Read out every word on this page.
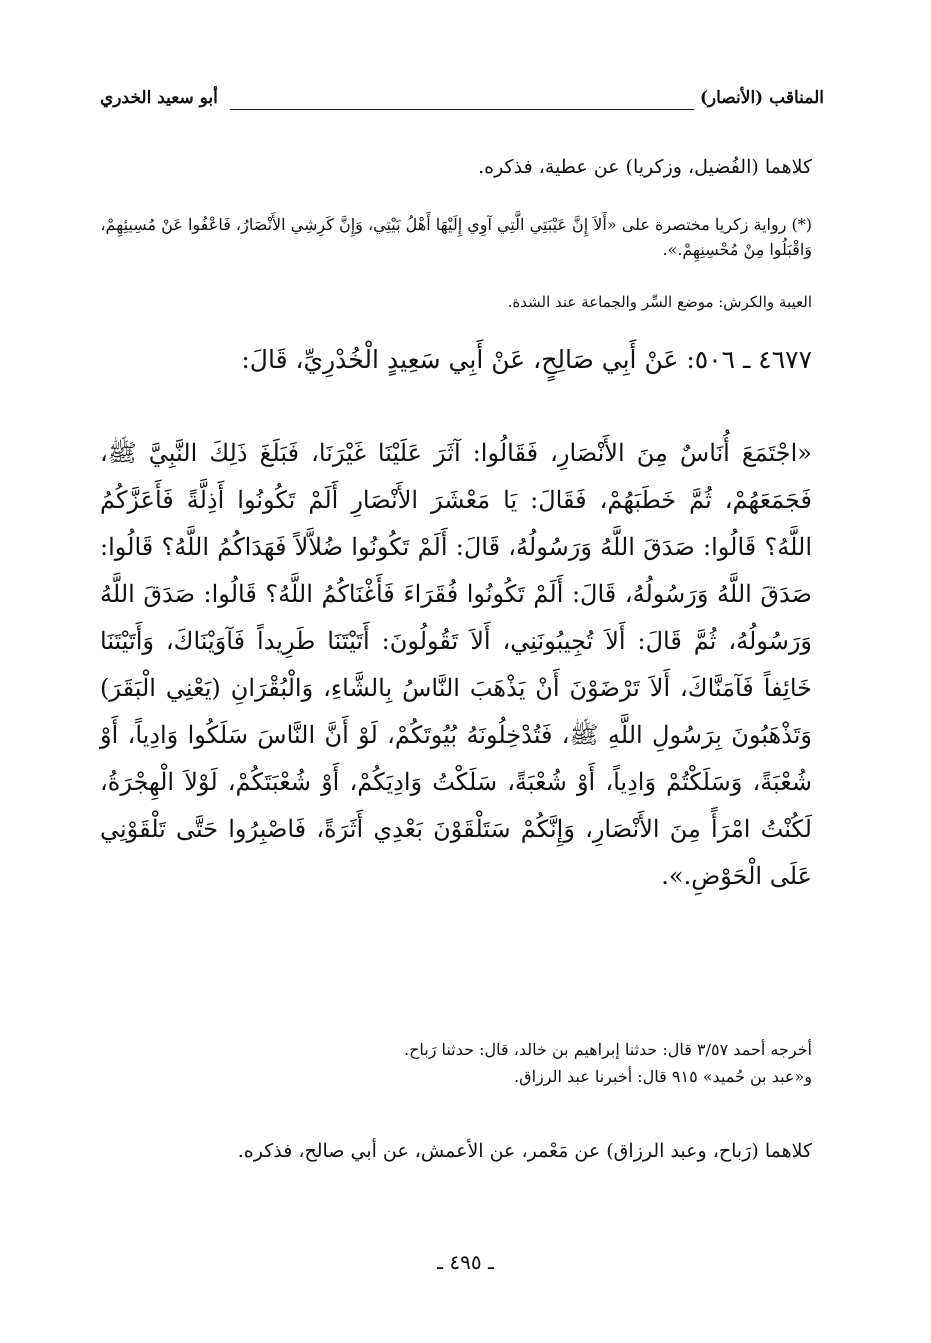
المناقب (الأنصار)
أبو سعيد الخدري
كلاهما (الفُضيل، وزكريا) عن عطية، فذكره.
(*) رواية زكريا مختصرة على «أَلاَ إِنَّ عَيْبَتِي الَّتِي آوِي إِلَيْهَا أَهْلُ بَيْتِي، وَإِنَّ كَرِشِي الأَنْصَارُ، فَاعْفُوا عَنْ مُسِيئِهِمْ، وَاقْبَلُوا مِنْ مُحْسِنِهِمْ.».
العيبة والكرش: موضع السِّر والجماعة عند الشدة.
٤٦٧٧ ـ ٥٠٦: عَنْ أَبِي صَالِحٍ، عَنْ أَبِي سَعِيدٍ الْخُدْرِيِّ، قَالَ:
«اجْتَمَعَ أُنَاسٌ مِنَ الأَنْصَارِ، فَقَالُوا: آثَرَ عَلَيْنَا غَيْرَنَا، فَبَلَغَ ذَلِكَ النَّبِيَّ ﷺ، فَجَمَعَهُمْ، ثُمَّ خَطَبَهُمْ، فَقَالَ: يَا مَعْشَرَ الأَنْصَارِ أَلَمْ تَكُونُوا أَذِلَّةً فَأَعَزَّكُمُ اللَّهُ؟ قَالُوا: صَدَقَ اللَّهُ وَرَسُولُهُ، قَالَ: أَلَمْ تَكُونُوا ضُلاَّلاً فَهَدَاكُمُ اللَّهُ؟ قَالُوا: صَدَقَ اللَّهُ وَرَسُولُهُ، قَالَ: أَلَمْ تَكُونُوا فُقَرَاءَ فَأَغْنَاكُمُ اللَّهُ؟ قَالُوا: صَدَقَ اللَّهُ وَرَسُولُهُ، ثُمَّ قَالَ: أَلاَ تُجِيبُونَنِي، أَلاَ تَقُولُونَ: أَتَيْتَنَا طَرِيداً فَآوَيْنَاكَ، وَأَتَيْتَنَا خَائِفاً فَآمَنَّاكَ، أَلاَ تَرْضَوْنَ أَنْ يَذْهَبَ النَّاسُ بِالشَّاءِ، وَالْبُقْرَانِ (يَعْنِي الْبَقَرَ) وَتَذْهَبُونَ بِرَسُولِ اللَّهِ ﷺ، فَتُدْخِلُونَهُ بُيُوتَكُمْ، لَوْ أَنَّ النَّاسَ سَلَكُوا وَادِياً، أَوْ شُعْبَةً، وَسَلَكْتُمْ وَادِياً، أَوْ شُعْبَةً، سَلَكْتُ وَادِيَكُمْ، أَوْ شُعْبَتَكُمْ، لَوْلاَ الْهِجْرَةُ، لَكُنْتُ امْرَأً مِنَ الأَنْصَارِ، وَإِنَّكُمْ سَتَلْقَوْنَ بَعْدِي أَثَرَةً، فَاصْبِرُوا حَتَّى تَلْقَوْنِي عَلَى الْحَوْضِ.».
أخرجه أحمد ٣/٥٧ قال: حدثنا إبراهيم بن خالد، قال: حدثنا رَباح.
و«عبد بن حُميد» ٩١٥ قال: أخبرنا عبد الرزاق.
كلاهما (رَباح، وعبد الرزاق) عن مَعْمر، عن الأعمش، عن أبي صالح، فذكره.
ـ ٤٩٥ ـ
